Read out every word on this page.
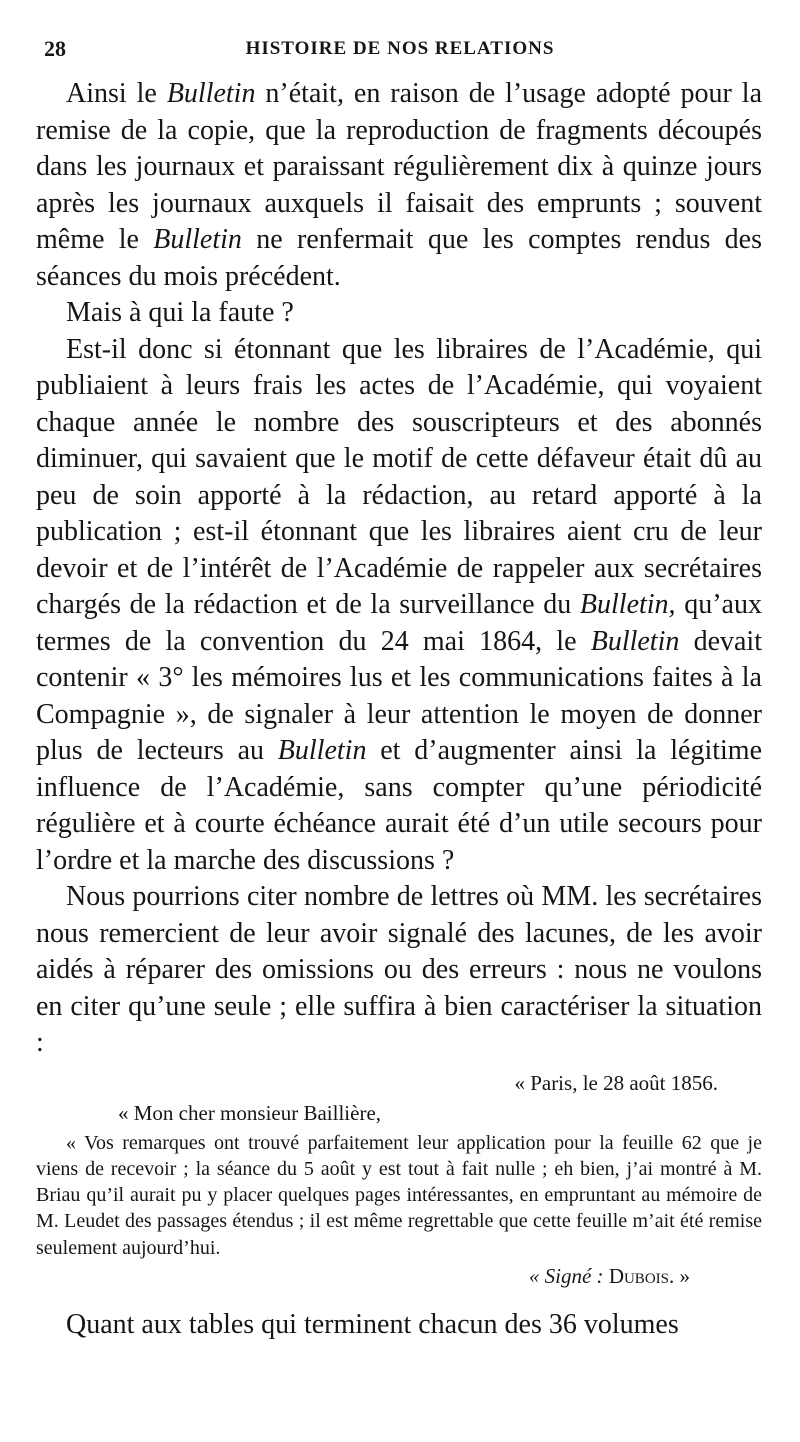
28	HISTOIRE DE NOS RELATIONS

Ainsi le Bulletin n’était, en raison de l’usage adopté pour la remise de la copie, que la reproduction de fragments découpés dans les journaux et paraissant régulièrement dix à quinze jours après les journaux auxquels il faisait des emprunts ; souvent même le Bulletin ne renfermait que les comptes rendus des séances du mois précédent.

Mais à qui la faute ?

Est-il donc si étonnant que les libraires de l’Académie, qui publiaient à leurs frais les actes de l’Académie, qui voyaient chaque année le nombre des souscripteurs et des abonnés diminuer, qui savaient que le motif de cette défaveur était dû au peu de soin apporté à la rédaction, au retard apporté à la publication ; est-il étonnant que les libraires aient cru de leur devoir et de l’intérêt de l’Académie de rappeler aux secrétaires chargés de la rédaction et de la surveillance du Bulletin, qu’aux termes de la convention du 24 mai 1864, le Bulletin devait contenir « 3° les mémoires lus et les communications faites à la Compagnie », de signaler à leur attention le moyen de donner plus de lecteurs au Bulletin et d’augmenter ainsi la légitime influence de l’Académie, sans compter qu’une périodicité régulière et à courte échéance aurait été d’un utile secours pour l’ordre et la marche des discussions ?

Nous pourrions citer nombre de lettres où MM. les secrétaires nous remercient de leur avoir signalé des lacunes, de les avoir aidés à réparer des omissions ou des erreurs : nous ne voulons en citer qu’une seule ; elle suffira à bien caractériser la situation :

« Paris, le 28 août 1856.

« Mon cher monsieur Baillière,

« Vos remarques ont trouvé parfaitement leur application pour la feuille 62 que je viens de recevoir ; la séance du 5 août y est tout à fait nulle ; eh bien, j’ai montré à M. Briau qu’il aurait pu y placer quelques pages intéressantes, en empruntant au mémoire de M. Leudet des passages étendus ; il est même regrettable que cette feuille m’ait été remise seulement aujourd’hui.

« Signé : Dubois. »

Quant aux tables qui terminent chacun des 36 volumes
